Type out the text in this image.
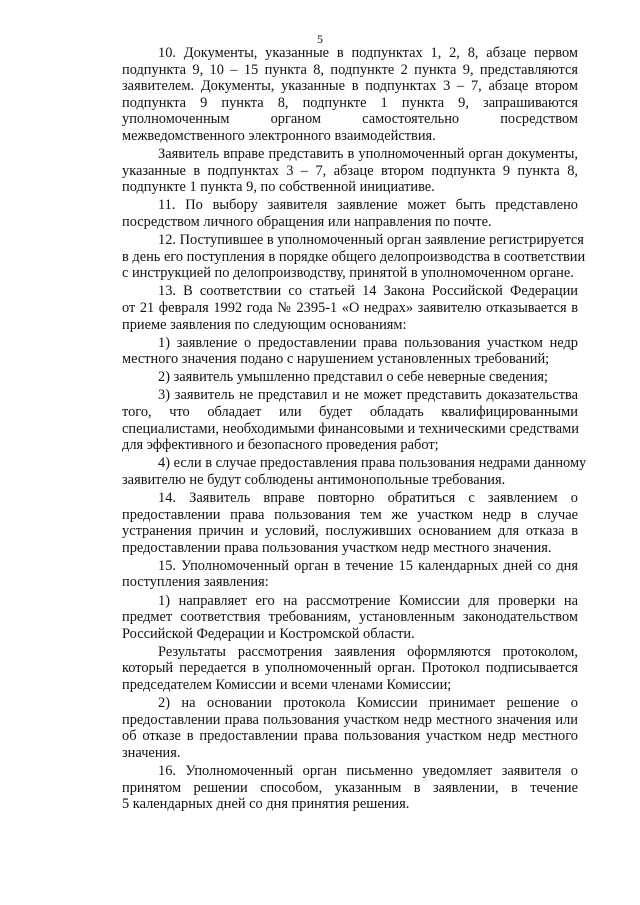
5
10. Документы, указанные в подпунктах 1, 2, 8, абзаце первом
подпункта 9, 10 – 15 пункта 8, подпункте 2 пункта 9, представляются
заявителем. Документы, указанные в подпунктах 3 – 7, абзаце втором
подпункта 9 пункта 8, подпункте 1 пункта 9, запрашиваются
уполномоченным органом самостоятельно посредством
межведомственного электронного взаимодействия.
Заявитель вправе представить в уполномоченный орган документы,
указанные в подпунктах 3 – 7, абзаце втором подпункта 9 пункта 8,
подпункте 1 пункта 9, по собственной инициативе.
11. По выбору заявителя заявление может быть представлено
посредством личного обращения или направления по почте.
12. Поступившее в уполномоченный орган заявление регистрируется
в день его поступления в порядке общего делопроизводства в соответствии
с инструкцией по делопроизводству, принятой в уполномоченном органе.
13. В соответствии со статьей 14 Закона Российской Федерации
от 21 февраля 1992 года № 2395-1 «О недрах» заявителю отказывается в
приеме заявления по следующим основаниям:
1) заявление о предоставлении права пользования участком недр
местного значения подано с нарушением установленных требований;
2) заявитель умышленно представил о себе неверные сведения;
3) заявитель не представил и не может представить доказательства
того, что обладает или будет обладать квалифицированными
специалистами, необходимыми финансовыми и техническими средствами
для эффективного и безопасного проведения работ;
4) если в случае предоставления права пользования недрами данному
заявителю не будут соблюдены антимонопольные требования.
14. Заявитель вправе повторно обратиться с заявлением о
предоставлении права пользования тем же участком недр в случае
устранения причин и условий, послуживших основанием для отказа в
предоставлении права пользования участком недр местного значения.
15. Уполномоченный орган в течение 15 календарных дней со дня
поступления заявления:
1) направляет его на рассмотрение Комиссии для проверки на
предмет соответствия требованиям, установленным законодательством
Российской Федерации и Костромской области.
Результаты рассмотрения заявления оформляются протоколом,
который передается в уполномоченный орган. Протокол подписывается
председателем Комиссии и всеми членами Комиссии;
2) на основании протокола Комиссии принимает решение о
предоставлении права пользования участком недр местного значения или
об отказе в предоставлении права пользования участком недр местного
значения.
16. Уполномоченный орган письменно уведомляет заявителя о
принятом решении способом, указанным в заявлении, в течение
5 календарных дней со дня принятия решения.
